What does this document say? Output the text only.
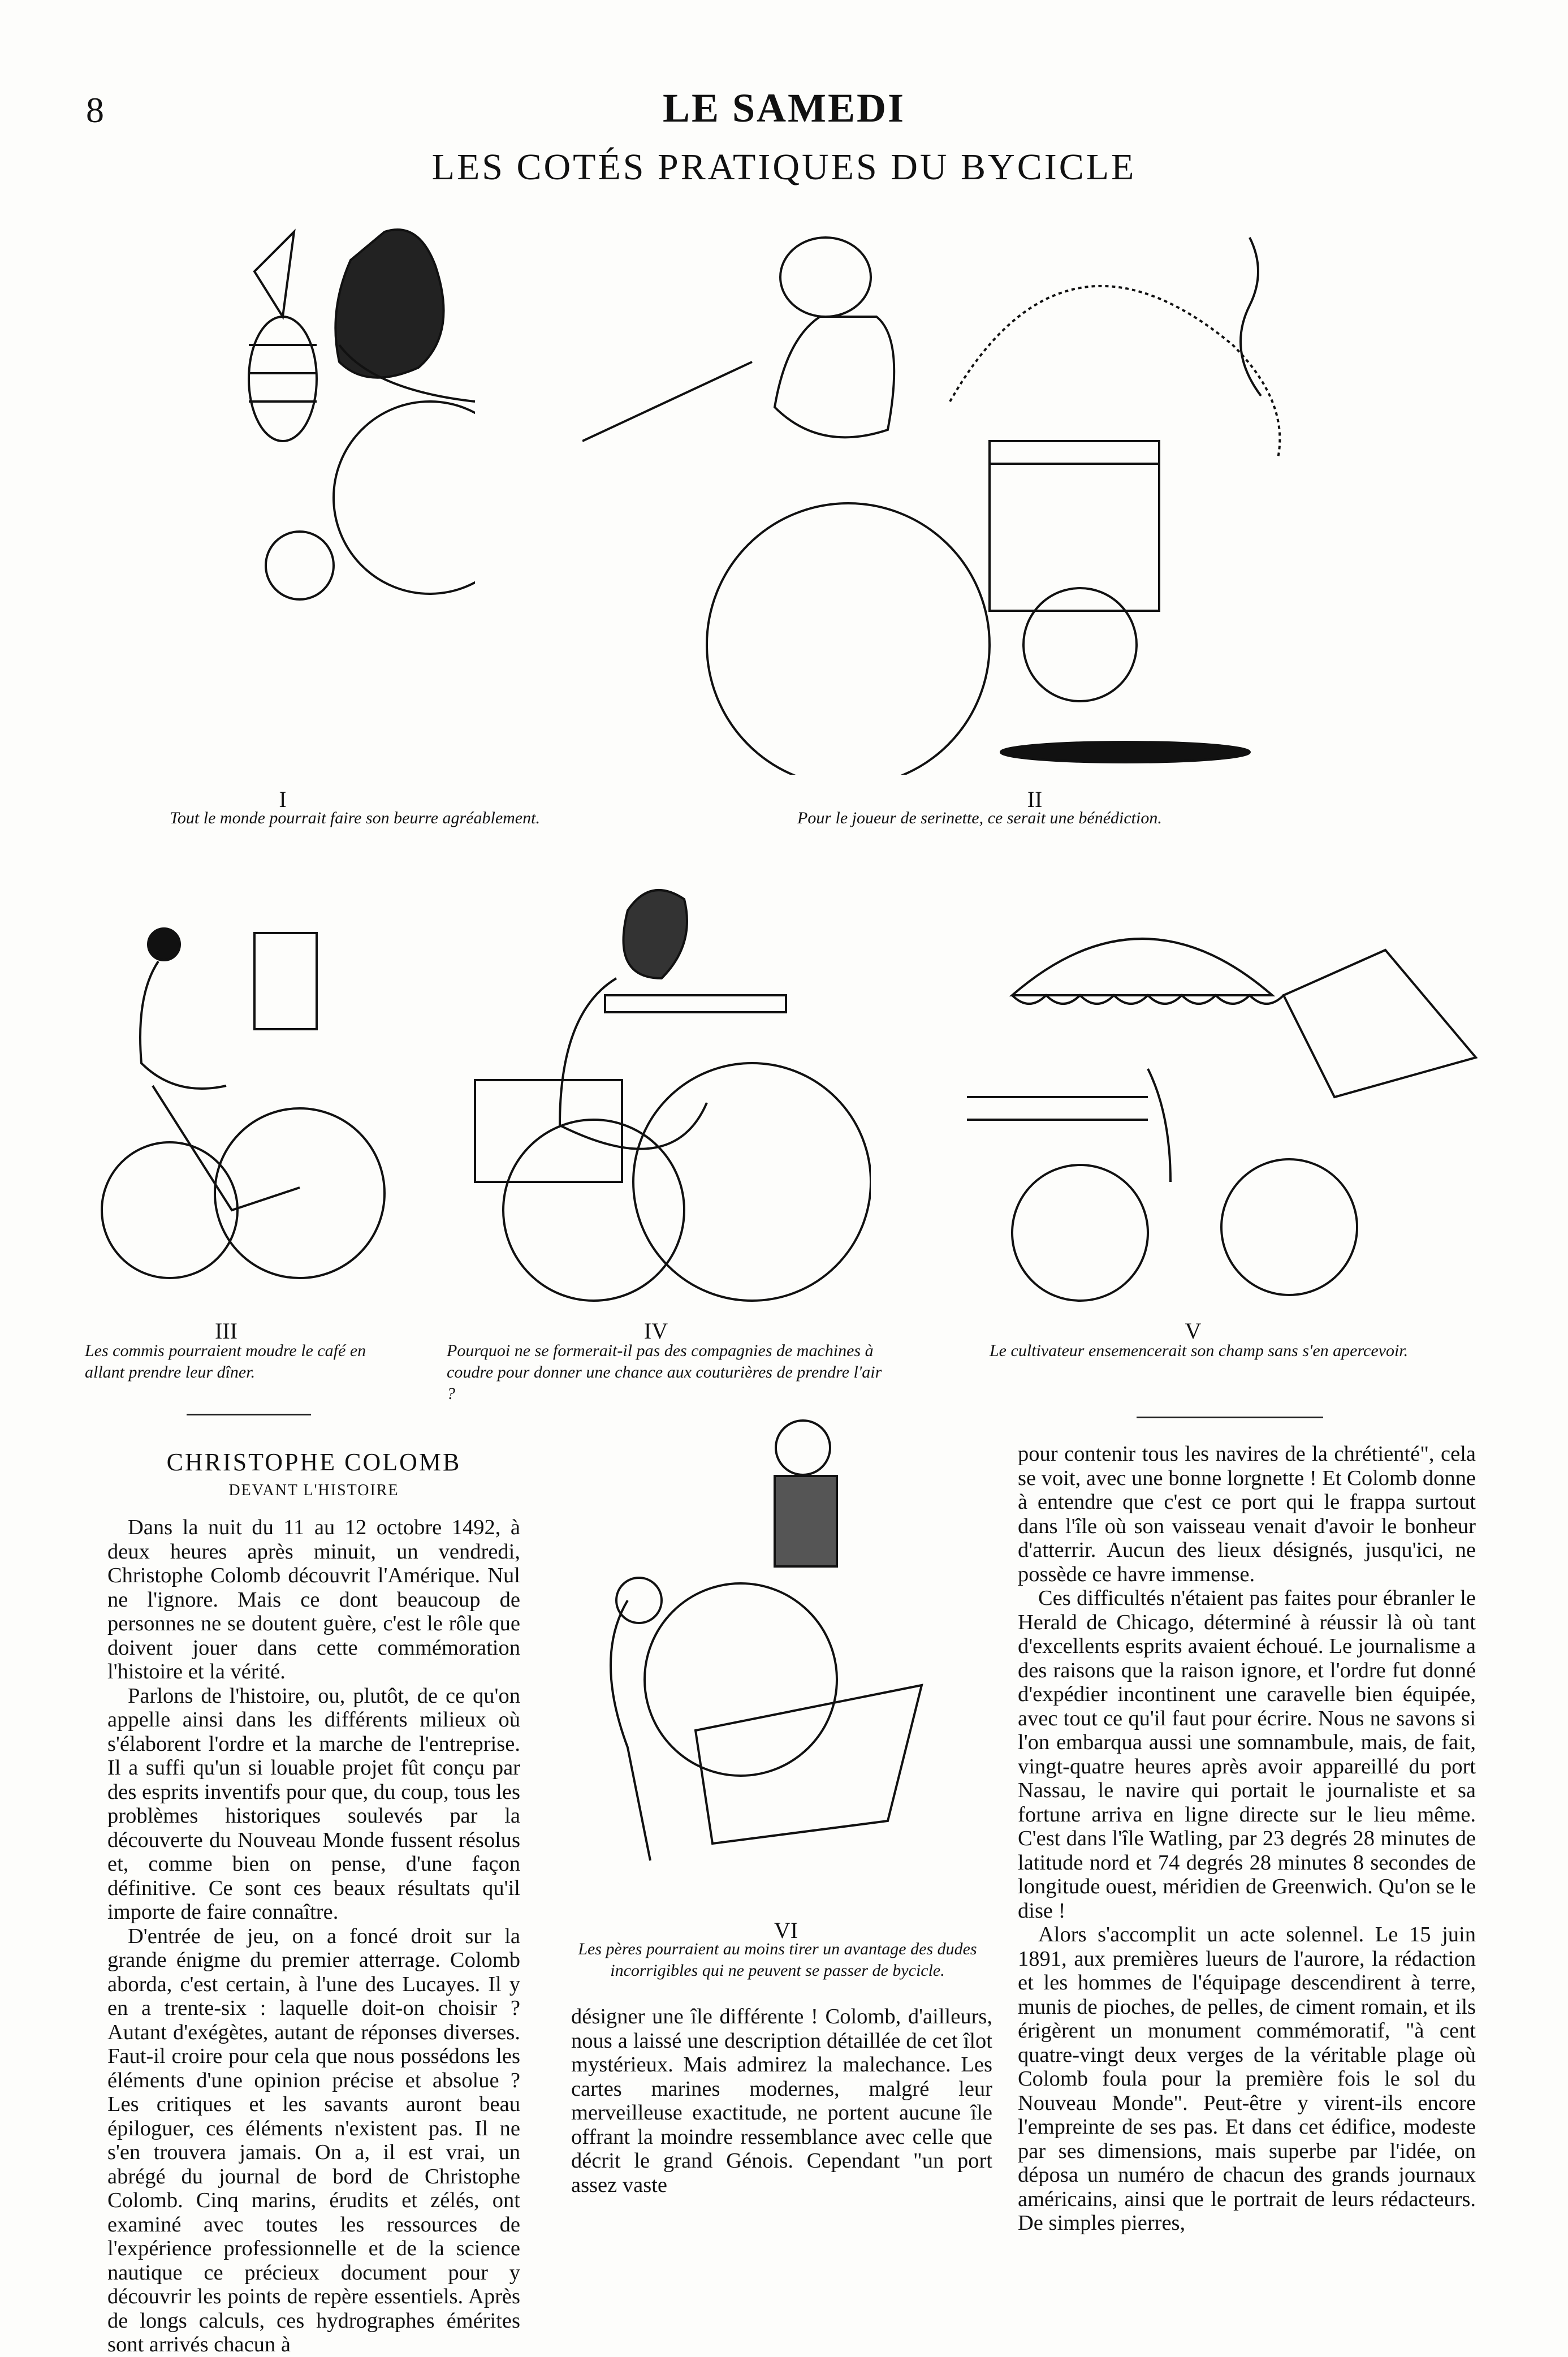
8	LE SAMEDI
LES COTÉS PRATIQUES DU BYCICLE
I
Tout le monde pourrait faire son beurre agréablement.
II
Pour le joueur de serinette, ce serait une bénédiction.
III
Les commis pourraient moudre le café en allant prendre leur dîner.
IV
Pourquoi ne se formerait-il pas des compagnies de machines à coudre pour donner une chance aux couturières de prendre l'air ?
V
Le cultivateur ensemencerait son champ sans s'en apercevoir.
VI
Les pères pourraient au moins tirer un avantage des dudes incorrigibles qui ne peuvent se passer de bycicle.
CHRISTOPHE COLOMB
DEVANT L'HISTOIRE

Dans la nuit du 11 au 12 octobre 1492, à deux heures après minuit, un vendredi, Christophe Colomb découvrit l'Amérique. Nul ne l'ignore. Mais ce dont beaucoup de personnes ne se doutent guère, c'est le rôle que doivent jouer dans cette commémoration l'histoire et la vérité.

Parlons de l'histoire, ou, plutôt, de ce qu'on appelle ainsi dans les différents milieux où s'élaborent l'ordre et la marche de l'entreprise. Il a suffi qu'un si louable projet fût conçu par des esprits inventifs pour que, du coup, tous les problèmes historiques soulevés par la découverte du Nouveau Monde fussent résolus et, comme bien on pense, d'une façon définitive. Ce sont ces beaux résultats qu'il importe de faire connaître.

D'entrée de jeu, on a foncé droit sur la grande énigme du premier atterrage. Colomb aborda, c'est certain, à l'une des Lucayes. Il y en a trente-six : laquelle doit-on choisir ? Autant d'exégètes, autant de réponses diverses. Faut-il croire pour cela que nous possédons les éléments d'une opinion précise et absolue ? Les critiques et les savants auront beau épiloguer, ces éléments n'existent pas. Il ne s'en trouvera jamais. On a, il est vrai, un abrégé du journal de bord de Christophe Colomb. Cinq marins, érudits et zélés, ont examiné avec toutes les ressources de l'expérience professionnelle et de la science nautique ce précieux document pour y découvrir les points de repère essentiels. Après de longs calculs, ces hydrographes émérites sont arrivés chacun à

désigner une île différente ! Colomb, d'ailleurs, nous a laissé une description détaillée de cet îlot mystérieux. Mais admirez la malechance. Les cartes marines modernes, malgré leur merveilleuse exactitude, ne portent aucune île offrant la moindre ressemblance avec celle que décrit le grand Génois. Cependant "un port assez vaste

pour contenir tous les navires de la chrétienté", cela se voit, avec une bonne lorgnette ! Et Colomb donne à entendre que c'est ce port qui le frappa surtout dans l'île où son vaisseau venait d'avoir le bonheur d'atterrir. Aucun des lieux désignés, jusqu'ici, ne possède ce havre immense.

Ces difficultés n'étaient pas faites pour ébranler le Herald de Chicago, déterminé à réussir là où tant d'excellents esprits avaient échoué. Le journalisme a des raisons que la raison ignore, et l'ordre fut donné d'expédier incontinent une caravelle bien équipée, avec tout ce qu'il faut pour écrire. Nous ne savons si l'on embarqua aussi une somnambule, mais, de fait, vingt-quatre heures après avoir appareillé du port Nassau, le navire qui portait le journaliste et sa fortune arriva en ligne directe sur le lieu même. C'est dans l'île Watling, par 23 degrés 28 minutes de latitude nord et 74 degrés 28 minutes 8 secondes de longitude ouest, méridien de Greenwich. Qu'on se le dise !

Alors s'accomplit un acte solennel. Le 15 juin 1891, aux premières lueurs de l'aurore, la rédaction et les hommes de l'équipage descendirent à terre, munis de pioches, de pelles, de ciment romain, et ils érigèrent un monument commémoratif, "à cent quatre-vingt deux verges de la véritable plage où Colomb foula pour la première fois le sol du Nouveau Monde". Peut-être y virent-ils encore l'empreinte de ses pas. Et dans cet édifice, modeste par ses dimensions, mais superbe par l'idée, on déposa un numéro de chacun des grands journaux américains, ainsi que le portrait de leurs rédacteurs. De simples pierres,
